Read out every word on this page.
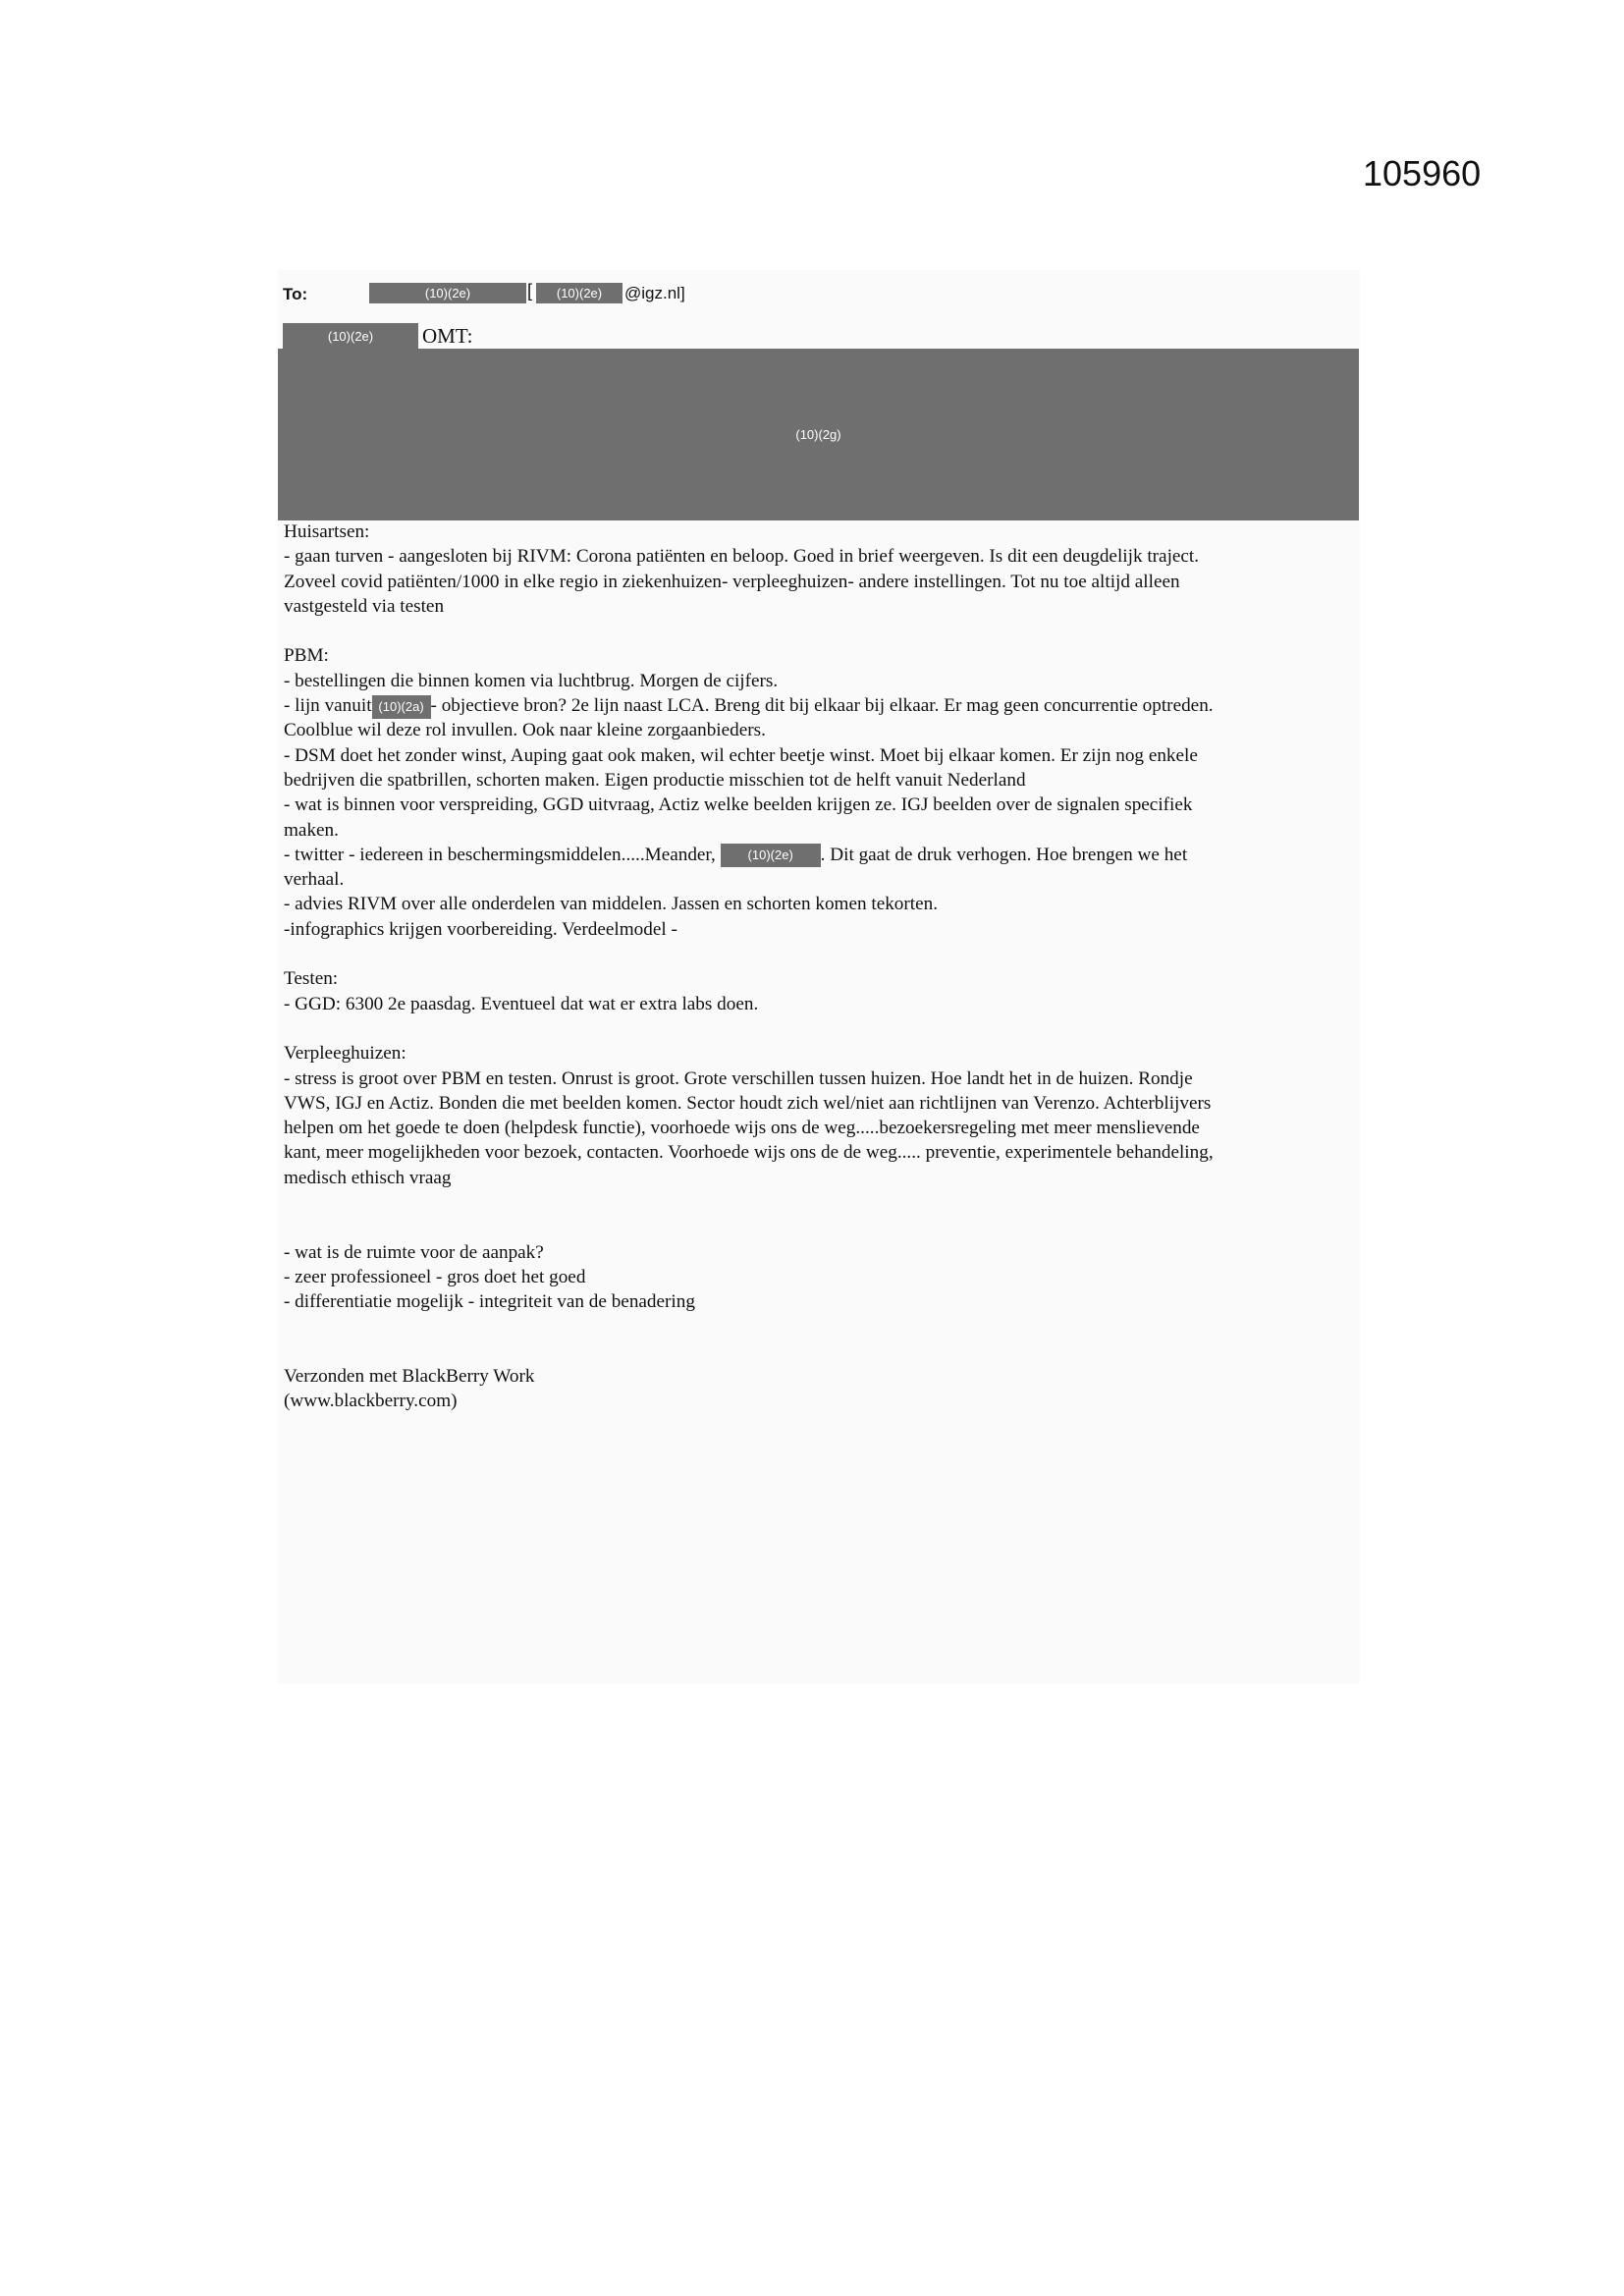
105960
To:	(10)(2e)	[	(10)(2e)	@igz.nl]
(10)(2e)	OMT:
(10)(2g)
Huisartsen:
- gaan turven - aangesloten bij RIVM: Corona patiënten en beloop. Goed in brief weergeven. Is dit een deugdelijk traject.
Zoveel covid patiënten/1000 in elke regio in ziekenhuizen- verpleeghuizen- andere instellingen. Tot nu toe altijd alleen
vastgesteld via testen
PBM:
- bestellingen die binnen komen via luchtbrug. Morgen de cijfers.
- lijn vanuit (10)(2a) - objectieve bron? 2e lijn naast LCA. Breng dit bij elkaar bij elkaar. Er mag geen concurrentie optreden.
Coolblue wil deze rol invullen. Ook naar kleine zorgaanbieders.
- DSM doet het zonder winst, Auping gaat ook maken, wil echter beetje winst. Moet bij elkaar komen. Er zijn nog enkele
bedrijven die spatbrillen, schorten maken. Eigen productie misschien tot de helft vanuit Nederland
- wat is binnen voor verspreiding, GGD uitvraag, Actiz welke beelden krijgen ze. IGJ beelden over de signalen specifiek
maken.
- twitter - iedereen in beschermingsmiddelen.....Meander,	(10)(2e) . Dit gaat de druk verhogen. Hoe brengen we het
verhaal.
- advies RIVM over alle onderdelen van middelen. Jassen en schorten komen tekorten.
-infographics krijgen voorbereiding. Verdeelmodel -
Testen:
- GGD: 6300 2e paasdag. Eventueel dat wat er extra labs doen.
Verpleeghuizen:
- stress is groot over PBM en testen. Onrust is groot. Grote verschillen tussen huizen. Hoe landt het in de huizen. Rondje
VWS, IGJ en Actiz. Bonden die met beelden komen. Sector houdt zich wel/niet aan richtlijnen van Verenzo. Achterblijvers
helpen om het goede te doen (helpdesk functie), voorhoede wijs ons de weg.....bezoekersregeling met meer menslievende
kant, meer mogelijkheden voor bezoek, contacten. Voorhoede wijs ons de de weg..... preventie, experimentele behandeling,
medisch ethisch vraag
- wat is de ruimte voor de aanpak?
- zeer professioneel - gros doet het goed
- differentiatie mogelijk - integriteit van de benadering
Verzonden met BlackBerry Work
(www.blackberry.com)
